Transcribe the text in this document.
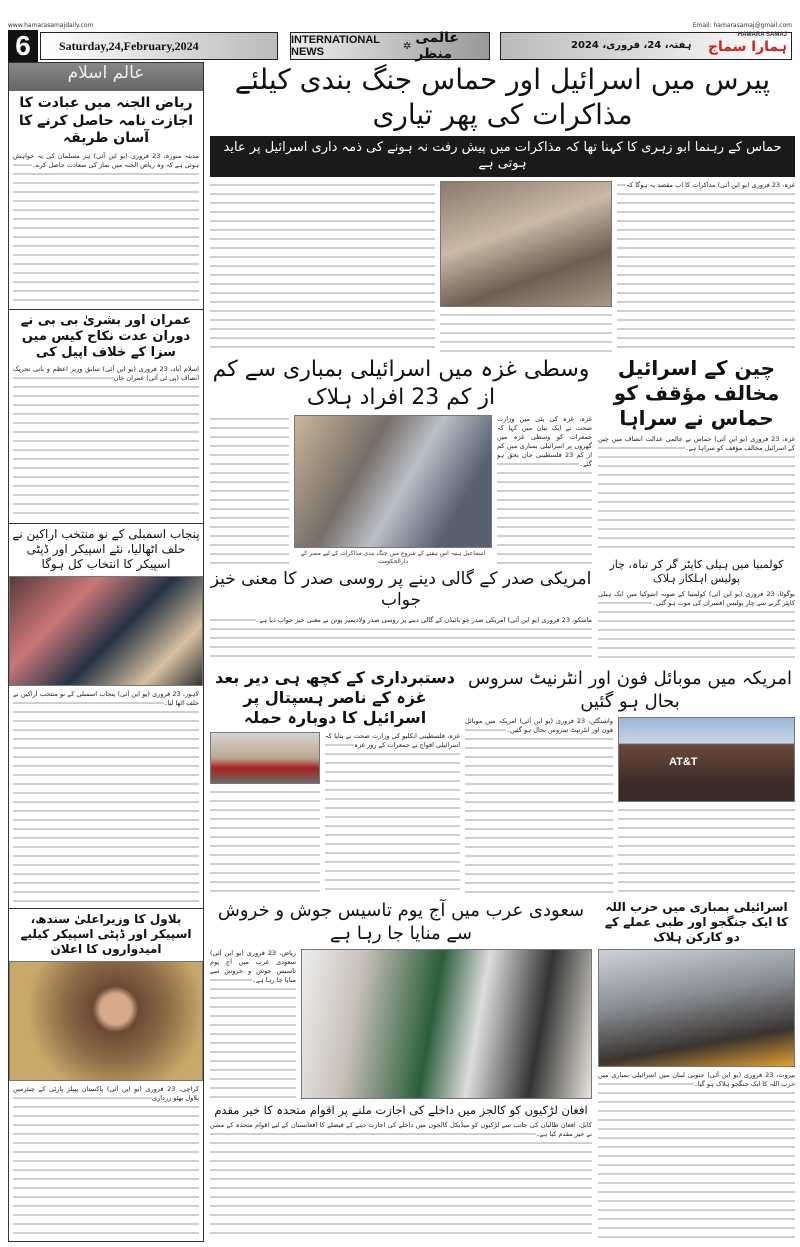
www.hamarasamajdaily.com	Email: hamarasamaj@gmail.com
Saturday,24,February,2024
6	INTERNATIONAL NEWS	✲ عالمی منظر
ہفتہ، 24، فروری، 2024
HAMARA SAMAJ
ہمارا سماج
عالم اسلام
ریاض الجنہ میں عبادت کا اجازت نامہ حاصل کرنے کا آسان طریقہ
مدینہ منورہ، 23 فروری (یو این آئی) ہر مسلمان کی یہ خواہش ہوتی ہے کہ وہ ریاض الجنہ میں نماز کی سعادت حاصل کرے۔
عمران اور بشریٰ بی بی نے دوران عدت نکاح کیس میں سزا کے خلاف اپیل کی
اسلام آباد، 23 فروری (یو این آئی) سابق وزیر اعظم و بانی تحریک انصاف (پی ٹی آئی) عمران خان
پنجاب اسمبلی کے نو منتخب اراکین نے حلف اٹھالیا، نئے اسپیکر اور ڈپٹی اسپیکر کا انتخاب کل ہوگا
لاہور، 23 فروری (یو این آئی) پنجاب اسمبلی کے نو منتخب اراکین نے حلف اٹھا لیا۔
بلاول کا وزیراعلیٰ سندھ، اسپیکر اور ڈپٹی اسپیکر کیلیے امیدواروں کا اعلان
کراچی، 23 فروری (یو این آئی) پاکستان پیپلز پارٹی کے چیئرمین بلاول بھٹو زرداری
پیرس میں اسرائیل اور حماس جنگ بندی کیلئے مذاکرات کی پھر تیاری
حماس کے رہنما ابو زہری کا کہنا تھا کہ مذاکرات میں پیش رفت نہ ہونے کی ذمہ داری اسرائیل پر عاید ہوتی ہے
غزہ، 23 فروری (یو این آئی) مذاکرات کا اب مقصد یہ ہوگا کہ
چین کے اسرائیل مخالف مؤقف کو حماس نے سراہا
غزہ، 23 فروری (یو این آئی) حماس نے عالمی عدالت انصاف میں چین کے اسرائیل مخالف مؤقف کو سراہا ہے۔
کولمبیا میں ہیلی کاپٹر گر کر تباہ، چار پولیس اہلکار ہلاک
بوگوٹا، 23 فروری (یو این آئی) کولمبیا کے صوبہ انتیوکیا میں ایک ہیلی کاپٹر گرنے سے چار پولیس افسران کی موت ہو گئی۔
وسطی غزہ میں اسرائیلی بمباری سے کم از کم 23 افراد ہلاک
غزہ، غزہ کی پٹی میں وزارت صحت نے ایک بیان میں کہا کہ جمعرات کو وسطی غزہ میں گھروں پر اسرائیلی بمباری میں کم از کم 23 فلسطینی جاں بحق ہو گئے۔
اسماعیل ہنیہ اس ہفتے کے شروع میں جنگ بندی مذاکرات کے لیے مصر کے دارالحکومت
امریکی صدر کے گالی دینے پر روسی صدر کا معنی خیز جواب
ماسکو، 23 فروری (یو این آئی) امریکی صدر جو بائیڈن کے گالی دینے پر روسی صدر ولادیمیر پوتن نے معنی خیز جواب دیا ہے۔
امریکہ میں موبائل فون اور انٹرنیٹ سروس بحال ہو گئیں
AT&T
واشنگٹن، 23 فروری (یو این آئی) امریکہ میں موبائل فون اور انٹرنیٹ سروس بحال ہو گئیں۔
دستبرداری کے کچھ ہی دیر بعد غزہ کے ناصر ہسپتال پر اسرائیل کا دوبارہ حملہ
غزہ، فلسطینی انکلیو کی وزارت صحت نے بتایا کہ اسرائیلی افواج نے جمعرات کے روز غزہ
سعودی عرب میں آج یوم تاسیس جوش و خروش سے منایا جا رہا ہے
ریاض، 23 فروری (یو این آئی) سعودی عرب میں آج یوم تاسیس جوش و خروش سے منایا جا رہا ہے۔
افغان لڑکیوں کو کالجز میں داخلے کی اجازت ملنے پر اقوام متحدہ کا خیر مقدم
کابل، افغان طالبان کی جانب سے لڑکیوں کو میڈیکل کالجوں میں داخلے کی اجازت دینے کے فیصلے کا افغانستان کے لیے اقوام متحدہ کے مشن نے خیر مقدم کیا ہے۔
اسرائیلی بمباری میں حزب اللہ کا ایک جنگجو اور طبی عملے کے دو کارکن ہلاک
بیروت، 23 فروری (یو این آئی) جنوبی لبنان میں اسرائیلی بمباری میں حزب اللہ کا ایک جنگجو ہلاک ہو گیا۔
